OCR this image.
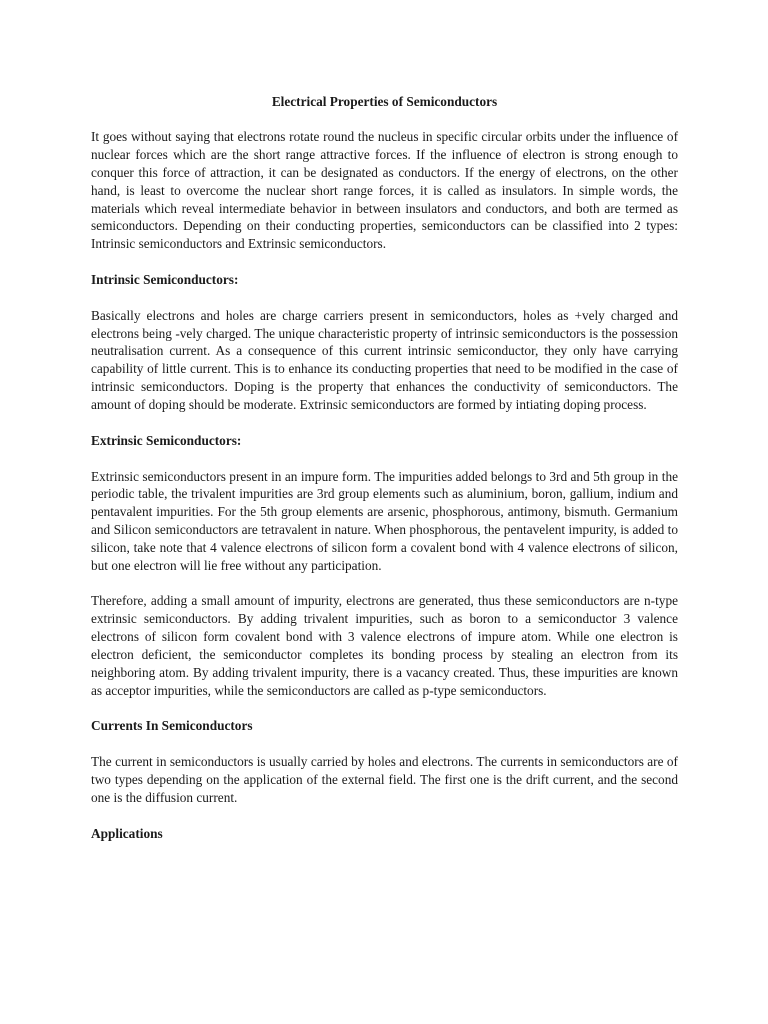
Electrical Properties of Semiconductors

It goes without saying that electrons rotate round the nucleus in specific circular orbits under the influence of nuclear forces which are the short range attractive forces. If the influence of electron is strong enough to conquer this force of attraction, it can be designated as conductors. If the energy of electrons, on the other hand, is least to overcome the nuclear short range forces, it is called as insulators. In simple words, the materials which reveal intermediate behavior in between insulators and conductors, and both are termed as semiconductors. Depending on their conducting properties, semiconductors can be classified into 2 types: Intrinsic semiconductors and Extrinsic semiconductors.

Intrinsic Semiconductors:

Basically electrons and holes are charge carriers present in semiconductors, holes as +vely charged and electrons being -vely charged. The unique characteristic property of intrinsic semiconductors is the possession neutralisation current. As a consequence of this current intrinsic semiconductor, they only have carrying capability of little current. This is to enhance its conducting properties that need to be modified in the case of intrinsic semiconductors. Doping is the property that enhances the conductivity of semiconductors. The amount of doping should be moderate. Extrinsic semiconductors are formed by intiating doping process.

Extrinsic Semiconductors:

Extrinsic semiconductors present in an impure form. The impurities added belongs to 3rd and 5th group in the periodic table, the trivalent impurities are 3rd group elements such as aluminium, boron, gallium, indium and pentavalent impurities. For the 5th group elements are arsenic, phosphorous, antimony, bismuth. Germanium and Silicon semiconductors are tetravalent in nature. When phosphorous, the pentavelent impurity, is added to silicon, take note that 4 valence electrons of silicon form a covalent bond with 4 valence electrons of silicon, but one electron will lie free without any participation.

Therefore, adding a small amount of impurity, electrons are generated, thus these semiconductors are n-type extrinsic semiconductors. By adding trivalent impurities, such as boron to a semiconductor 3 valence electrons of silicon form covalent bond with 3 valence electrons of impure atom. While one electron is electron deficient, the semiconductor completes its bonding process by stealing an electron from its neighboring atom. By adding trivalent impurity, there is a vacancy created. Thus, these impurities are known as acceptor impurities, while the semiconductors are called as p-type semiconductors.

Currents In Semiconductors

The current in semiconductors is usually carried by holes and electrons. The currents in semiconductors are of two types depending on the application of the external field. The first one is the drift current, and the second one is the diffusion current.

Applications
